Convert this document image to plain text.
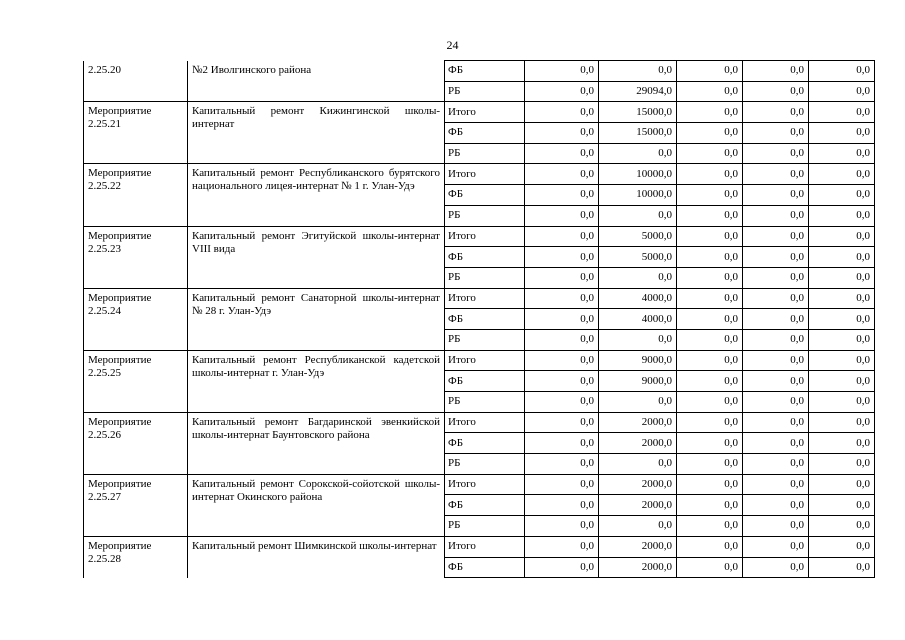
24
2.25.20	№2 Иволгинского района	ФБ	0,0	0,0	0,0	0,0	0,0
		РБ	0,0	29094,0	0,0	0,0	0,0
Мероприятие 2.25.21	Капитальный ремонт Кижингинской школы-интернат	Итого	0,0	15000,0	0,0	0,0	0,0
		ФБ	0,0	15000,0	0,0	0,0	0,0
		РБ	0,0	0,0	0,0	0,0	0,0
Мероприятие 2.25.22	Капитальный ремонт Республиканского бурятского национального лицея-интернат № 1 г. Улан-Удэ	Итого	0,0	10000,0	0,0	0,0	0,0
		ФБ	0,0	10000,0	0,0	0,0	0,0
		РБ	0,0	0,0	0,0	0,0	0,0
Мероприятие 2.25.23	Капитальный ремонт Эгитуйской школы-интернат VIII вида	Итого	0,0	5000,0	0,0	0,0	0,0
		ФБ	0,0	5000,0	0,0	0,0	0,0
		РБ	0,0	0,0	0,0	0,0	0,0
Мероприятие 2.25.24	Капитальный ремонт Санаторной школы-интернат № 28 г. Улан-Удэ	Итого	0,0	4000,0	0,0	0,0	0,0
		ФБ	0,0	4000,0	0,0	0,0	0,0
		РБ	0,0	0,0	0,0	0,0	0,0
Мероприятие 2.25.25	Капитальный ремонт Республиканской кадетской школы-интернат г. Улан-Удэ	Итого	0,0	9000,0	0,0	0,0	0,0
		ФБ	0,0	9000,0	0,0	0,0	0,0
		РБ	0,0	0,0	0,0	0,0	0,0
Мероприятие 2.25.26	Капитальный ремонт Багдаринской эвенкийской школы-интернат Баунтовского района	Итого	0,0	2000,0	0,0	0,0	0,0
		ФБ	0,0	2000,0	0,0	0,0	0,0
		РБ	0,0	0,0	0,0	0,0	0,0
Мероприятие 2.25.27	Капитальный ремонт Сорокской-сойотской школы-интернат Окинского района	Итого	0,0	2000,0	0,0	0,0	0,0
		ФБ	0,0	2000,0	0,0	0,0	0,0
		РБ	0,0	0,0	0,0	0,0	0,0
Мероприятие 2.25.28	Капитальный ремонт Шимкинской школы-интернат	Итого	0,0	2000,0	0,0	0,0	0,0
		ФБ	0,0	2000,0	0,0	0,0	0,0
